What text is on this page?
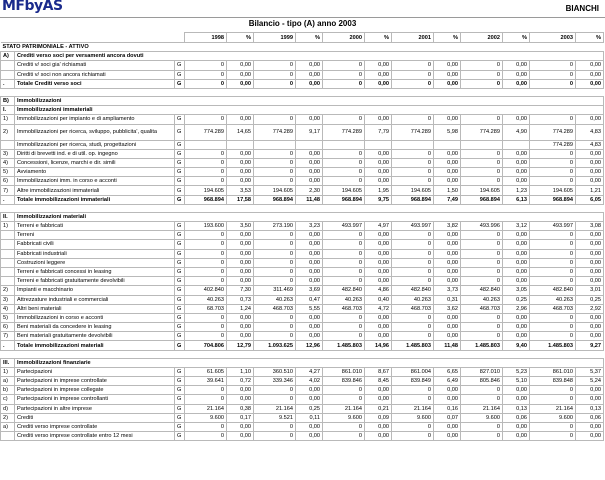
MFbyAS	BIANCHI
Bilancio - tipo (A) anno 2003
			1998	%	1999	%	2000	%	2001	%	2002	%	2003	%
STATO PATRIMONIALE - ATTIVO														
A)	Crediti verso soci per versamenti ancora dovuti													
	Crediti v/ soci gia' richiamati	G	0	0,00	0	0,00	0	0,00	0	0,00	0	0,00	0	0,00
	Crediti v/ soci non ancora richiamati	G	0	0,00	0	0,00	0	0,00	0	0,00	0	0,00	0	0,00
.	Totale Crediti verso soci	G	0	0,00	0	0,00	0	0,00	0	0,00	0	0,00	0	0,00

B)	Immobilizzazioni													
I.	Immobilizzazioni immateriali													
1)	Immobilizzazioni per impianto e di ampliamento	G	0	0,00	0	0,00	0	0,00	0	0,00	0	0,00	0	0,00
2)	Immobilizzazioni per ricerca, sviluppo, pubblicita', qualita	G	774.289	14,65	774.289	9,17	774.289	7,79	774.289	5,98	774.289	4,90	774.289	4,83
	Immobilizzazioni per ricerca, studi, progettazioni	G											774.289	4,83
3)	Diritti di brevetti ind. e di util. op. ingegno	G	0	0,00	0	0,00	0	0,00	0	0,00	0	0,00	0	0,00
4)	Concessioni, licenze, marchi e dir. simili	G	0	0,00	0	0,00	0	0,00	0	0,00	0	0,00	0	0,00
5)	Avviamento	G	0	0,00	0	0,00	0	0,00	0	0,00	0	0,00	0	0,00
6)	Immobilizzazioni imm. in corso e acconti	G	0	0,00	0	0,00	0	0,00	0	0,00	0	0,00	0	0,00
7)	Altre immobilizzazioni immateriali	G	194.605	3,53	194.605	2,30	194.605	1,95	194.605	1,50	194.605	1,23	194.605	1,21
.	Totale immobilizzazioni immateriali	G	968.894	17,58	968.894	11,48	968.894	9,75	968.894	7,49	968.894	6,13	968.894	6,05

II.	Immobilizzazioni materiali													
1)	Terreni e fabbricati	G	193.600	3,50	273.190	3,23	493.997	4,97	493.997	3,82	493.996	3,12	493.997	3,08
	Terreni	G	0	0,00	0	0,00	0	0,00	0	0,00	0	0,00	0	0,00
	Fabbricati civili	G	0	0,00	0	0,00	0	0,00	0	0,00	0	0,00	0	0,00
	Fabbricati industriali	G	0	0,00	0	0,00	0	0,00	0	0,00	0	0,00	0	0,00
	Costruzioni leggere	G	0	0,00	0	0,00	0	0,00	0	0,00	0	0,00	0	0,00
	Terreni e fabbricati concessi in leasing	G	0	0,00	0	0,00	0	0,00	0	0,00	0	0,00	0	0,00
	Terreni e fabbricati gratuitamente devolvibili	G	0	0,00	0	0,00	0	0,00	0	0,00	0	0,00	0	0,00
2)	Impianti e macchinario	G	402.840	7,30	311.469	3,69	482.840	4,86	482.840	3,73	482.840	3,05	482.840	3,01
3)	Attrezzature industriali e commerciali	G	40.263	0,73	40.263	0,47	40.263	0,40	40.263	0,31	40.263	0,25	40.263	0,25
4)	Altri beni materiali	G	68.703	1,24	468.703	5,55	468.703	4,72	468.703	3,62	468.703	2,96	468.703	2,92
5)	Immobilizzazioni in corso e acconti	G	0	0,00	0	0,00	0	0,00	0	0,00	0	0,00	0	0,00
6)	Beni materiali da concedere in leasing	G	0	0,00	0	0,00	0	0,00	0	0,00	0	0,00	0	0,00
7)	Beni materiali gratuitamente devolvibili	G	0	0,00	0	0,00	0	0,00	0	0,00	0	0,00	0	0,00
.	Totale immobilizzazioni materiali	G	704.806	12,79	1.093.625	12,96	1.485.803	14,96	1.485.803	11,48	1.485.803	9,40	1.485.803	9,27

III.	Immobilizzazioni finanziarie													
1)	Partecipazioni	G	61.605	1,10	360.510	4,27	861.010	8,67	861.004	6,65	827.010	5,23	861.010	5,37
a)	Partecipazioni in imprese controllate	G	39.641	0,72	339.346	4,02	839.846	8,45	839.849	6,49	805.846	5,10	839.848	5,24
b)	Partecipazioni in imprese collegate	G	0	0,00	0	0,00	0	0,00	0	0,00	0	0,00	0	0,00
c)	Partecipazioni in imprese controllanti	G	0	0,00	0	0,00	0	0,00	0	0,00	0	0,00	0	0,00
d)	Partecipazioni in altre imprese	G	21.164	0,38	21.164	0,25	21.164	0,21	21.164	0,16	21.164	0,13	21.164	0,13
2)	Crediti	G	9.600	0,17	9.521	0,11	9.600	0,09	9.600	0,07	9.600	0,06	9.600	0,06
a)	Crediti verso imprese controllate	G	0	0,00	0	0,00	0	0,00	0	0,00	0	0,00	0	0,00
	Crediti verso imprese controllate entro 12 mesi	G	0	0,00	0	0,00	0	0,00	0	0,00	0	0,00	0	0,00
